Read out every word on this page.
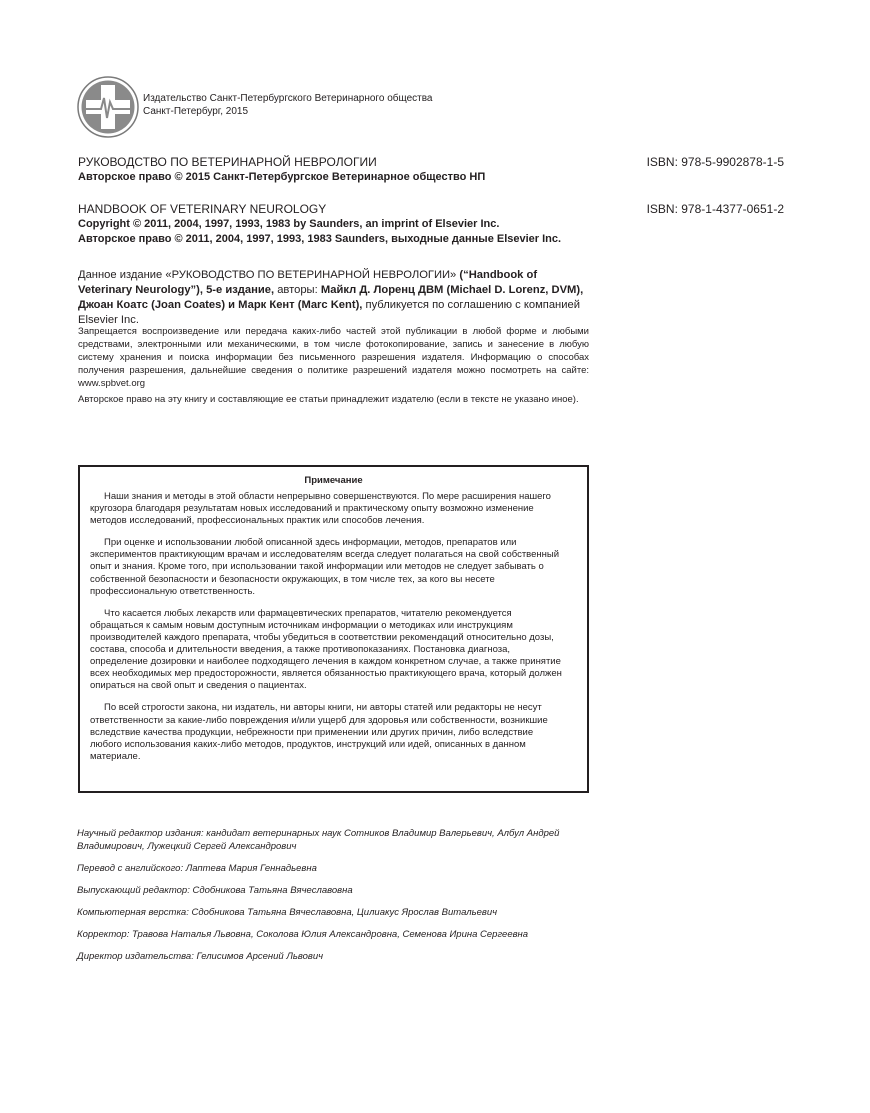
Издательство Санкт-Петербургского Ветеринарного общества
Санкт-Петербург, 2015
РУКОВОДСТВО ПО ВЕТЕРИНАРНОЙ НЕВРОЛОГИИ
Авторское право © 2015 Санкт-Петербургское Ветеринарное общество НП
ISBN: 978-5-9902878-1-5
HANDBOOK OF VETERINARY NEUROLOGY
Copyright © 2011, 2004, 1997, 1993, 1983 by Saunders, an imprint of Elsevier Inc.
Авторское право © 2011, 2004, 1997, 1993, 1983 Saunders, выходные данные Elsevier Inc.
ISBN: 978-1-4377-0651-2
Данное издание «РУКОВОДСТВО ПО ВЕТЕРИНАРНОЙ НЕВРОЛОГИИ» (“Handbook of Veterinary Neurology”), 5-е издание, авторы: Майкл Д. Лоренц ДВМ (Michael D. Lorenz, DVM), Джоан Коатс (Joan Coates) и Марк Кент (Marc Kent), публикуется по соглашению с компанией Elsevier Inc.
Запрещается воспроизведение или передача каких-либо частей этой публикации в любой форме и любыми средствами, электронными или механическими, в том числе фотокопирование, запись и занесение в любую систему хранения и поиска информации без письменного разрешения издателя. Информацию о способах получения разрешения, дальнейшие сведения о политике разрешений издателя можно посмотреть на сайте: www.spbvet.org
Авторское право на эту книгу и составляющие ее статьи принадлежит издателю (если в тексте не указано иное).
Примечание

Наши знания и методы в этой области непрерывно совершенствуются. По мере расширения нашего кругозора благодаря результатам новых исследований и практическому опыту возможно изменение методов исследований, профессиональных практик или способов лечения.

При оценке и использовании любой описанной здесь информации, методов, препаратов или экспериментов практикующим врачам и исследователям всегда следует полагаться на свой собственный опыт и знания. Кроме того, при использовании такой информации или методов не следует забывать о собственной безопасности и безопасности окружающих, в том числе тех, за кого вы несете профессиональную ответственность.

Что касается любых лекарств или фармацевтических препаратов, читателю рекомендуется обращаться к самым новым доступным источникам информации о методиках или инструкциям производителей каждого препарата, чтобы убедиться в соответствии рекомендаций относительно дозы, состава, способа и длительности введения, а также противопоказаниях. Постановка диагноза, определение дозировки и наиболее подходящего лечения в каждом конкретном случае, а также принятие всех необходимых мер предосторожности, является обязанностью практикующего врача, который должен опираться на свой опыт и сведения о пациентах.

По всей строгости закона, ни издатель, ни авторы книги, ни авторы статей или редакторы не несут ответственности за какие-либо повреждения и/или ущерб для здоровья или собственности, возникшие вследствие качества продукции, небрежности при применении или других причин, либо вследствие любого использования каких-либо методов, продуктов, инструкций или идей, описанных в данном материале.

Научный редактор издания: кандидат ветеринарных наук Сотников Владимир Валерьевич, Албул Андрей Владимирович, Лужецкий Сергей Александрович

Перевод с английского: Лаптева Мария Геннадьевна

Выпускающий редактор: Сдобникова Татьяна Вячеславовна

Компьютерная верстка: Сдобникова Татьяна Вячеславовна, Цилиакус Ярослав Витальевич

Корректор: Травова Наталья Львовна, Соколова Юлия Александровна, Семенова Ирина Сергеевна

Директор издательства: Гелисимов Арсений Львович
